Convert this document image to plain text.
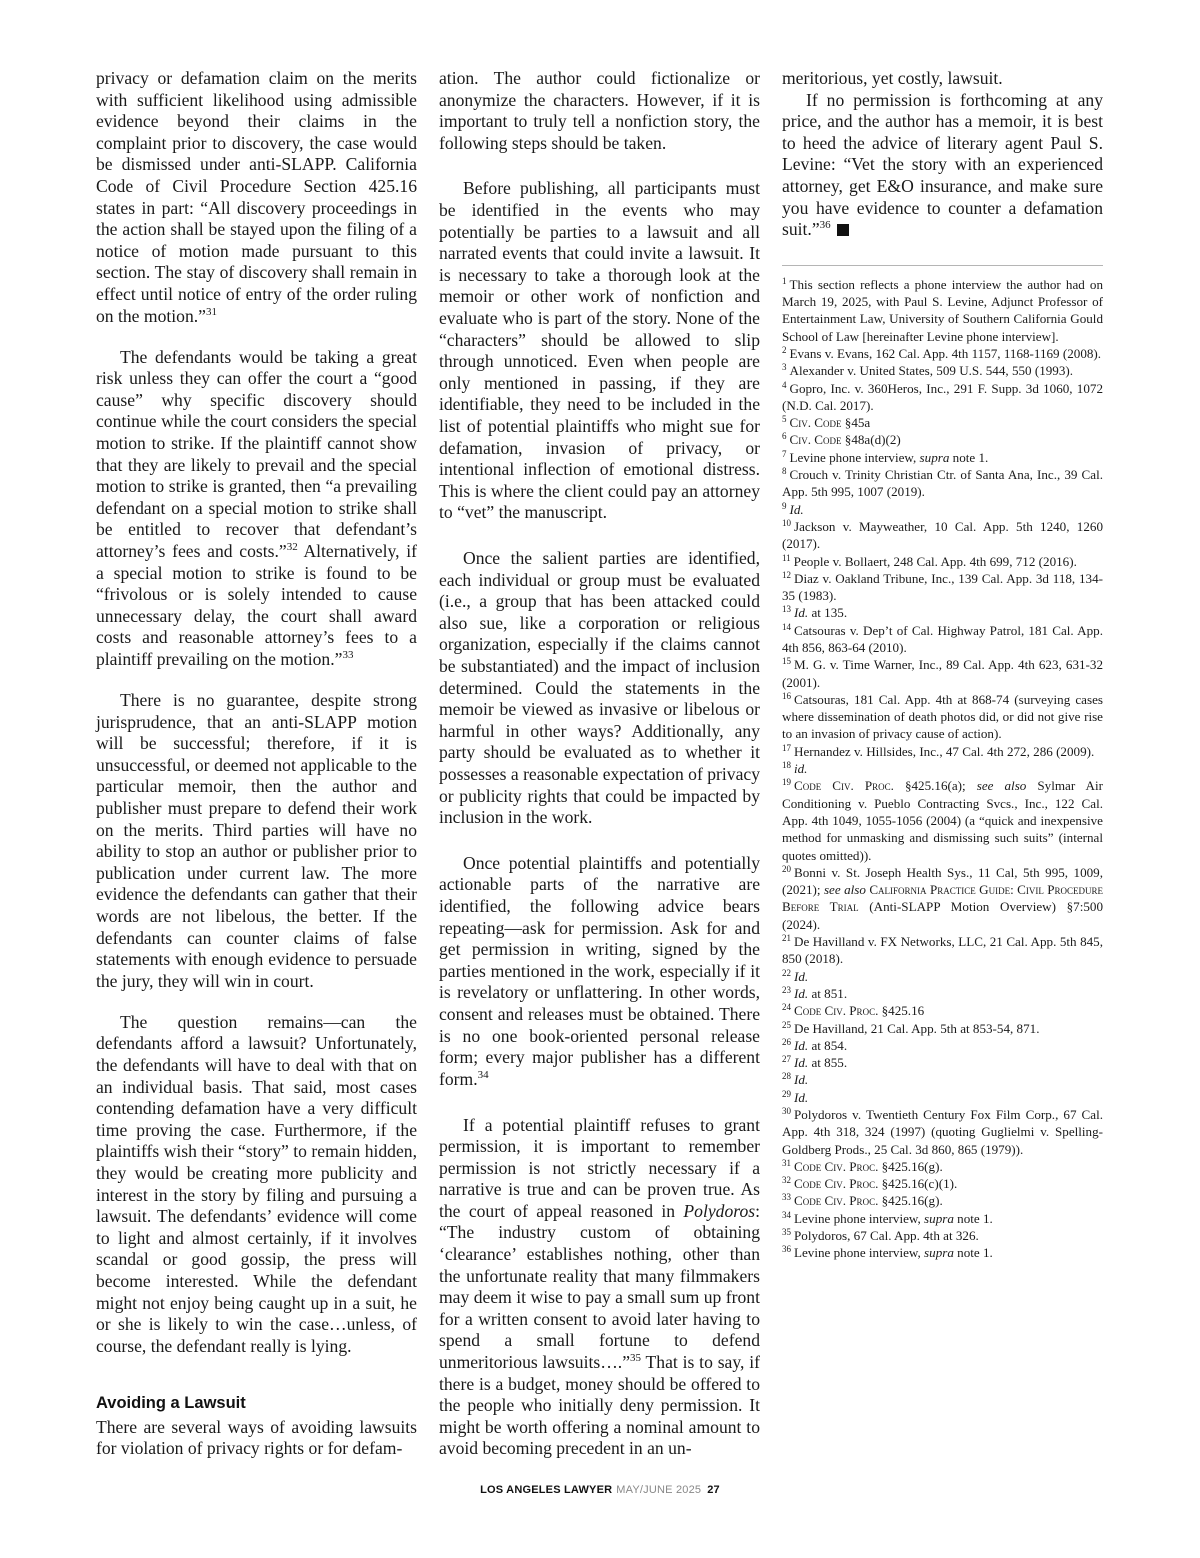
privacy or defamation claim on the merits with sufficient likelihood using admissible evidence beyond their claims in the complaint prior to discovery, the case would be dismissed under anti-SLAPP. California Code of Civil Procedure Section 425.16 states in part: “All discovery proceedings in the action shall be stayed upon the filing of a notice of motion made pursuant to this section. The stay of discovery shall remain in effect until notice of entry of the order ruling on the motion.”$^{31}$

The defendants would be taking a great risk unless they can offer the court a “good cause” why specific discovery should continue while the court considers the special motion to strike. If the plaintiff cannot show that they are likely to prevail and the special motion to strike is granted, then “a prevailing defendant on a special motion to strike shall be entitled to recover that defendant’s attorney’s fees and costs.”$^{32}$ Alternatively, if a special motion to strike is found to be “frivolous or is solely intended to cause unnecessary delay, the court shall award costs and reasonable attorney’s fees to a plaintiff prevailing on the motion.”$^{33}$

There is no guarantee, despite strong jurisprudence, that an anti-SLAPP motion will be successful; therefore, if it is unsuccessful, or deemed not applicable to the particular memoir, then the author and publisher must prepare to defend their work on the merits. Third parties will have no ability to stop an author or publisher prior to publication under current law. The more evidence the defendants can gather that their words are not libelous, the better. If the defendants can counter claims of false statements with enough evidence to persuade the jury, they will win in court.

The question remains—can the defendants afford a lawsuit? Unfortunately, the defendants will have to deal with that on an individual basis. That said, most cases contending defamation have a very difficult time proving the case. Furthermore, if the plaintiffs wish their “story” to remain hidden, they would be creating more publicity and interest in the story by filing and pursuing a lawsuit. The defendants’ evidence will come to light and almost certainly, if it involves scandal or good gossip, the press will become interested. While the defendant might not enjoy being caught up in a suit, he or she is likely to win the case…unless, of course, the defendant really is lying.

Avoiding a Lawsuit

There are several ways of avoiding lawsuits for violation of privacy rights or for defam-

ation. The author could fictionalize or anonymize the characters. However, if it is important to truly tell a nonfiction story, the following steps should be taken.

Before publishing, all participants must be identified in the events who may potentially be parties to a lawsuit and all narrated events that could invite a lawsuit. It is necessary to take a thorough look at the memoir or other work of nonfiction and evaluate who is part of the story. None of the “characters” should be allowed to slip through unnoticed. Even when people are only mentioned in passing, if they are identifiable, they need to be included in the list of potential plaintiffs who might sue for defamation, invasion of privacy, or intentional inflection of emotional distress. This is where the client could pay an attorney to “vet” the manuscript.

Once the salient parties are identified, each individual or group must be evaluated (i.e., a group that has been attacked could also sue, like a corporation or religious organization, especially if the claims cannot be substantiated) and the impact of inclusion determined. Could the statements in the memoir be viewed as invasive or libelous or harmful in other ways? Additionally, any party should be evaluated as to whether it possesses a reasonable expectation of privacy or publicity rights that could be impacted by inclusion in the work.

Once potential plaintiffs and potentially actionable parts of the narrative are identified, the following advice bears repeating—ask for permission. Ask for and get permission in writing, signed by the parties mentioned in the work, especially if it is revelatory or unflattering. In other words, consent and releases must be obtained. There is no one book-oriented personal release form; every major publisher has a different form.$^{34}$

If a potential plaintiff refuses to grant permission, it is important to remember permission is not strictly necessary if a narrative is true and can be proven true. As the court of appeal reasoned in Polydoros: “The industry custom of obtaining ‘clearance’ establishes nothing, other than the unfortunate reality that many filmmakers may deem it wise to pay a small sum up front for a written consent to avoid later having to spend a small fortune to defend unmeritorious lawsuits….”$^{35}$ That is to say, if there is a budget, money should be offered to the people who initially deny permission. It might be worth offering a nominal amount to avoid becoming precedent in an un-

meritorious, yet costly, lawsuit.

If no permission is forthcoming at any price, and the author has a memoir, it is best to heed the advice of literary agent Paul S. Levine: “Vet the story with an experienced attorney, get E&O insurance, and make sure you have evidence to counter a defamation suit.”$^{36}$

$^1$ This section reflects a phone interview the author had on March 19, 2025, with Paul S. Levine, Adjunct Professor of Entertainment Law, University of Southern California Gould School of Law [hereinafter Levine phone interview].
$^2$ Evans v. Evans, 162 Cal. App. 4th 1157, 1168-1169 (2008).
$^3$ Alexander v. United States, 509 U.S. 544, 550 (1993).
$^4$ Gopro, Inc. v. 360Heros, Inc., 291 F. Supp. 3d 1060, 1072 (N.D. Cal. 2017).
$^5$ Civ. Code §45a
$^6$ Civ. Code §48a(d)(2)
$^7$ Levine phone interview, supra note 1.
$^8$ Crouch v. Trinity Christian Ctr. of Santa Ana, Inc., 39 Cal. App. 5th 995, 1007 (2019).
$^9$ Id.
$^{10}$ Jackson v. Mayweather, 10 Cal. App. 5th 1240, 1260 (2017).
$^{11}$ People v. Bollaert, 248 Cal. App. 4th 699, 712 (2016).
$^{12}$ Diaz v. Oakland Tribune, Inc., 139 Cal. App. 3d 118, 134-35 (1983).
$^{13}$ Id. at 135.
$^{14}$ Catsouras v. Dep’t of Cal. Highway Patrol, 181 Cal. App. 4th 856, 863-64 (2010).
$^{15}$ M. G. v. Time Warner, Inc., 89 Cal. App. 4th 623, 631-32 (2001).
$^{16}$ Catsouras, 181 Cal. App. 4th at 868-74 (surveying cases where dissemination of death photos did, or did not give rise to an invasion of privacy cause of action).
$^{17}$ Hernandez v. Hillsides, Inc., 47 Cal. 4th 272, 286 (2009).
$^{18}$ id.
$^{19}$ Code Civ. Proc. §425.16(a); see also Sylmar Air Conditioning v. Pueblo Contracting Svcs., Inc., 122 Cal. App. 4th 1049, 1055-1056 (2004) (a “quick and inexpensive method for unmasking and dismissing such suits” (internal quotes omitted)).
$^{20}$ Bonni v. St. Joseph Health Sys., 11 Cal, 5th 995, 1009, (2021); see also California Practice Guide: Civil Procedure Before Trial (Anti-SLAPP Motion Overview) §7:500 (2024).
$^{21}$ De Havilland v. FX Networks, LLC, 21 Cal. App. 5th 845, 850 (2018).
$^{22}$ Id.
$^{23}$ Id. at 851.
$^{24}$ Code Civ. Proc. §425.16
$^{25}$ De Havilland, 21 Cal. App. 5th at 853-54, 871.
$^{26}$ Id. at 854.
$^{27}$ Id. at 855.
$^{28}$ Id.
$^{29}$ Id.
$^{30}$ Polydoros v. Twentieth Century Fox Film Corp., 67 Cal. App. 4th 318, 324 (1997) (quoting Guglielmi v. Spelling-Goldberg Prods., 25 Cal. 3d 860, 865 (1979)).
$^{31}$ Code Civ. Proc. §425.16(g).
$^{32}$ Code Civ. Proc. §425.16(c)(1).
$^{33}$ Code Civ. Proc. §425.16(g).
$^{34}$ Levine phone interview, supra note 1.
$^{35}$ Polydoros, 67 Cal. App. 4th at 326.
$^{36}$ Levine phone interview, supra note 1.
LOS ANGELES LAWYER MAY/JUNE 2025 27
